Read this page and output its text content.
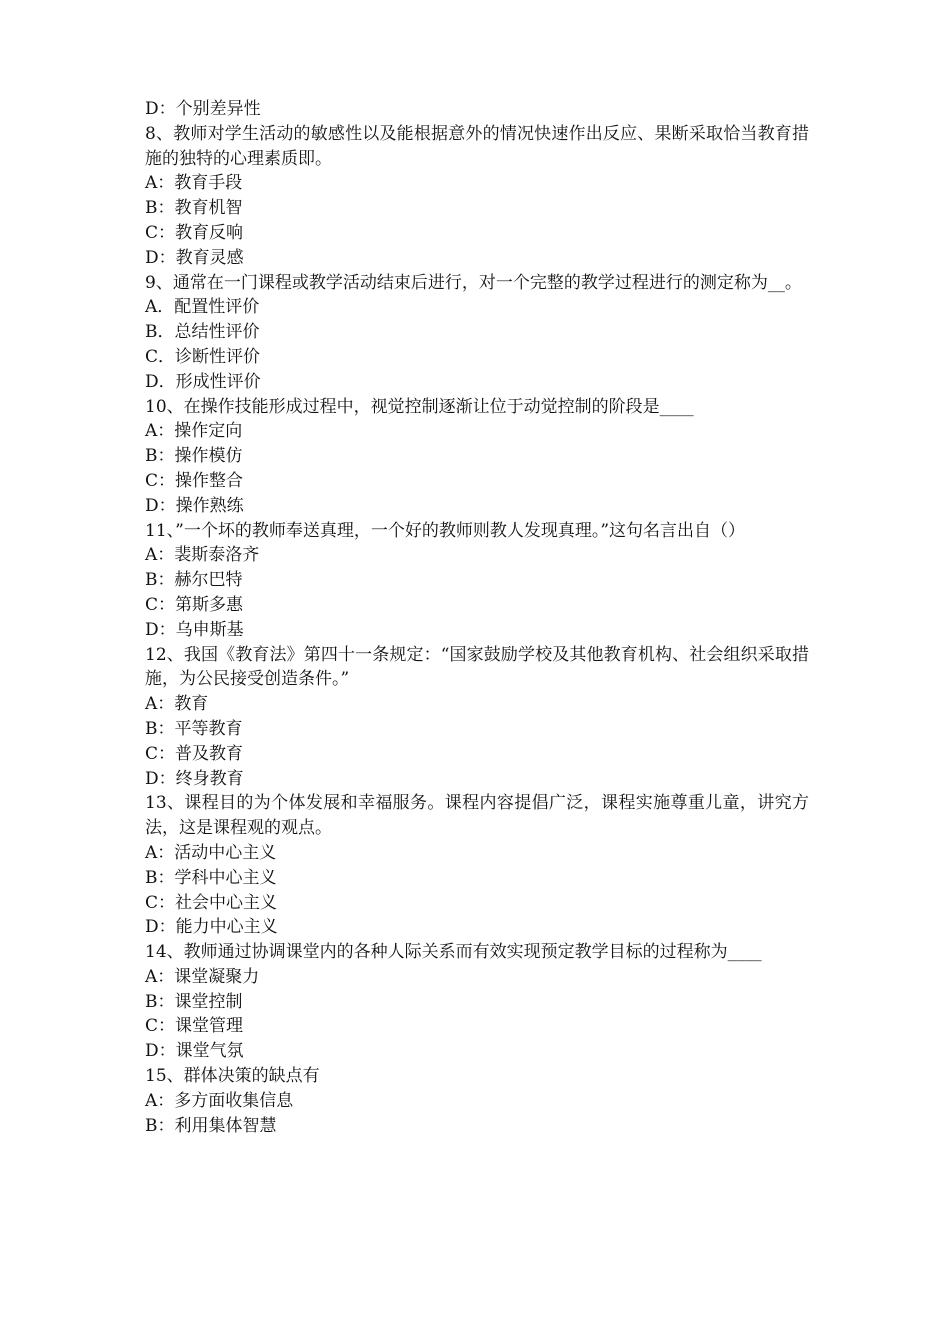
D：个别差异性
8、教师对学生活动的敏感性以及能根据意外的情况快速作出反应、果断采取恰当教育措施的独特的心理素质即。
A：教育手段
B：教育机智
C：教育反响
D：教育灵感
9、通常在一门课程或教学活动结束后进行，对一个完整的教学过程进行的测定称为__。
A．配置性评价
B．总结性评价
C．诊断性评价
D．形成性评价
10、在操作技能形成过程中，视觉控制逐渐让位于动觉控制的阶段是____
A：操作定向
B：操作模仿
C：操作整合
D：操作熟练
11、”一个坏的教师奉送真理，一个好的教师则教人发现真理。”这句名言出自（）
A：裴斯泰洛齐
B：赫尔巴特
C：第斯多惠
D：乌申斯基
12、我国《教育法》第四十一条规定：“国家鼓励学校及其他教育机构、社会组织采取措施，为公民接受创造条件。”
A：教育
B：平等教育
C：普及教育
D：终身教育
13、课程目的为个体发展和幸福服务。课程内容提倡广泛，课程实施尊重儿童，讲究方法，这是课程观的观点。
A：活动中心主义
B：学科中心主义
C：社会中心主义
D：能力中心主义
14、教师通过协调课堂内的各种人际关系而有效实现预定教学目标的过程称为____
A：课堂凝聚力
B：课堂控制
C：课堂管理
D：课堂气氛
15、群体决策的缺点有
A：多方面收集信息
B：利用集体智慧
